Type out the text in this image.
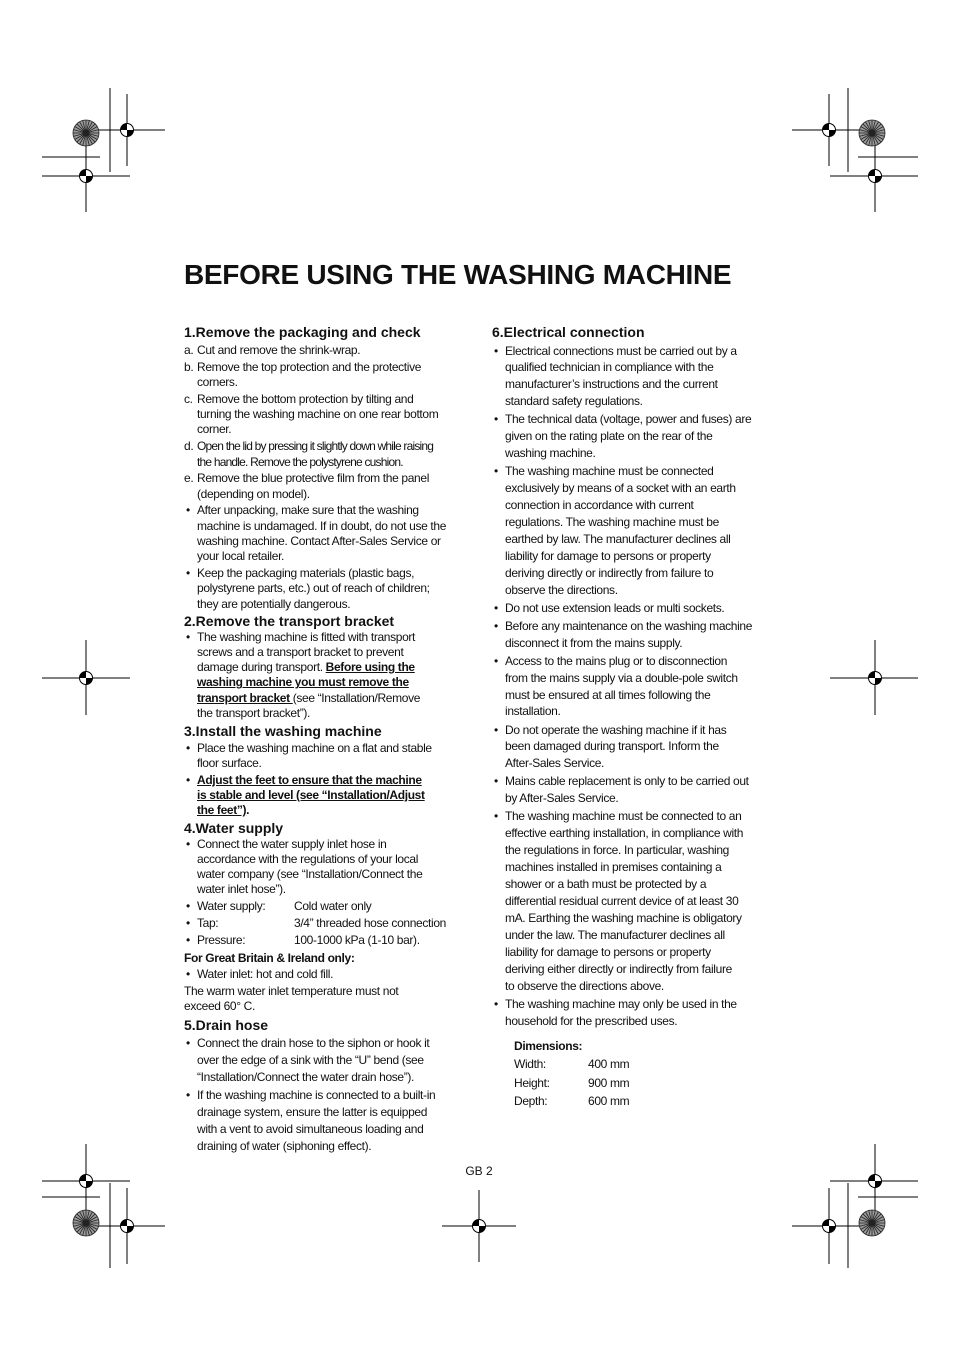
BEFORE USING THE WASHING MACHINE
1.Remove the packaging and check
a. Cut and remove the shrink-wrap.
b. Remove the top protection and the protective
corners.
c. Remove the bottom protection by tilting and
turning the washing machine on one rear bottom
corner.
d. Open the lid by pressing it slightly down while raising
the handle. Remove the polystyrene cushion.
e. Remove the blue protective film from the panel
(depending on model).
• After unpacking, make sure that the washing
machine is undamaged. If in doubt, do not use the
washing machine. Contact After-Sales Service or
your local retailer.
• Keep the packaging materials (plastic bags,
polystyrene parts, etc.) out of reach of children;
they are potentially dangerous.
2.Remove the transport bracket
• The washing machine is fitted with transport
screws and a transport bracket to prevent
damage during transport. Before using the
washing machine you must remove the
transport bracket (see “Installation/Remove
the transport bracket”).
3.Install the washing machine
• Place the washing machine on a flat and stable
floor surface.
• Adjust the feet to ensure that the machine
is stable and level (see “Installation/Adjust
the feet”).
4.Water supply
• Connect the water supply inlet hose in
accordance with the regulations of your local
water company (see “Installation/Connect the
water inlet hose”).
• Water supply: Cold water only
• Tap:	3/4” threaded hose connection
• Pressure:	100-1000 kPa (1-10 bar).
For Great Britain & Ireland only:
• Water inlet: hot and cold fill.
The warm water inlet temperature must not
exceed 60° C.
5.Drain hose
• Connect the drain hose to the siphon or hook it
over the edge of a sink with the “U” bend (see
“Installation/Connect the water drain hose”).
• If the washing machine is connected to a built-in
drainage system, ensure the latter is equipped
with a vent to avoid simultaneous loading and
draining of water (siphoning effect).
6.Electrical connection
• Electrical connections must be carried out by a
qualified technician in compliance with the
manufacturer’s instructions and the current
standard safety regulations.
• The technical data (voltage, power and fuses) are
given on the rating plate on the rear of the
washing machine.
• The washing machine must be connected
exclusively by means of a socket with an earth
connection in accordance with current
regulations. The washing machine must be
earthed by law. The manufacturer declines all
liability for damage to persons or property
deriving directly or indirectly from failure to
observe the directions.
• Do not use extension leads or multi sockets.
• Before any maintenance on the washing machine
disconnect it from the mains supply.
• Access to the mains plug or to disconnection
from the mains supply via a double-pole switch
must be ensured at all times following the
installation.
• Do not operate the washing machine if it has
been damaged during transport. Inform the
After-Sales Service.
• Mains cable replacement is only to be carried out
by After-Sales Service.
• The washing machine must be connected to an
effective earthing installation, in compliance with
the regulations in force. In particular, washing
machines installed in premises containing a
shower or a bath must be protected by a
differential residual current device of at least 30
mA. Earthing the washing machine is obligatory
under the law. The manufacturer declines all
liability for damage to persons or property
deriving either directly or indirectly from failure
to observe the directions above.
• The washing machine may only be used in the
household for the prescribed uses.
Dimensions:
Width:	400 mm
Height:	900 mm
Depth:	600 mm
GB 2
